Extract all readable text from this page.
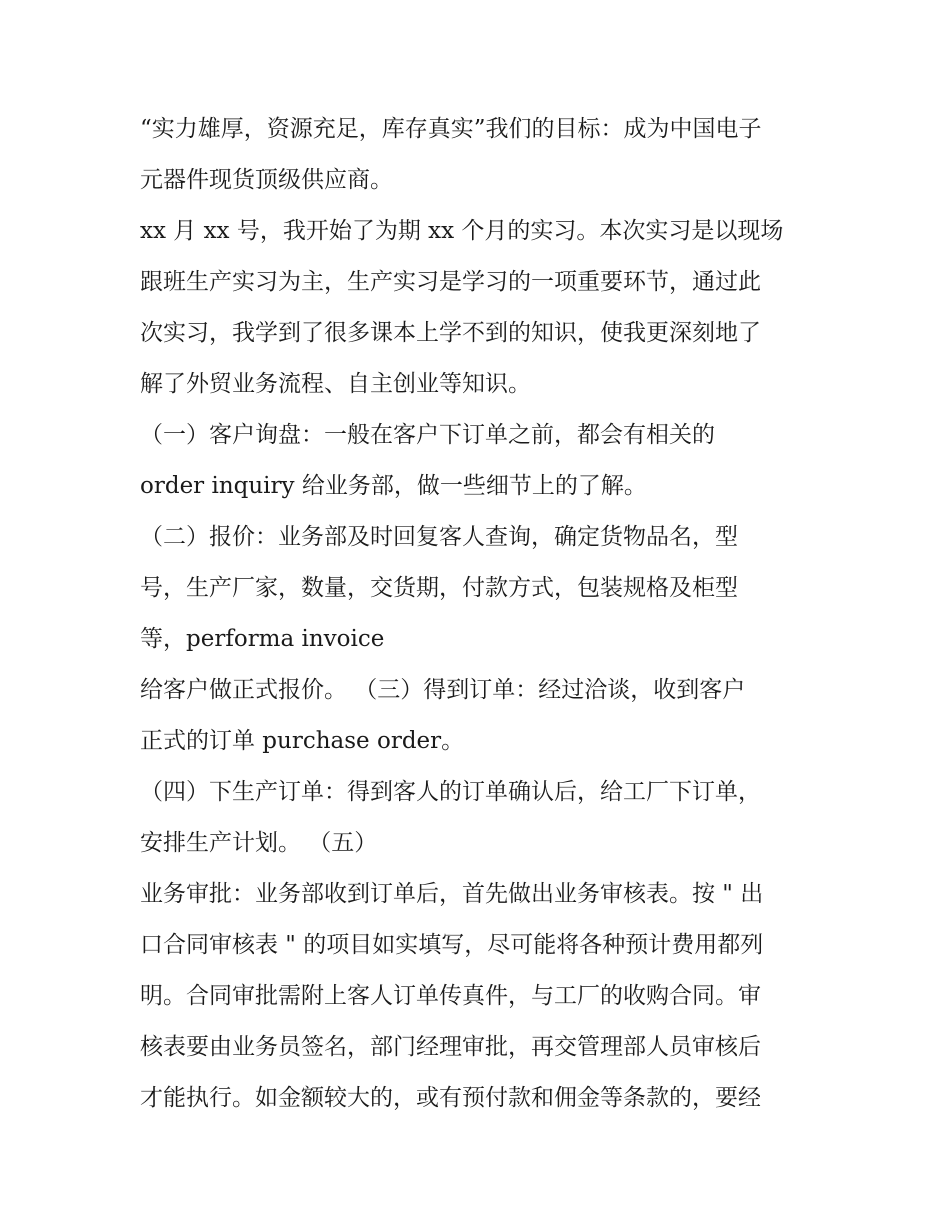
“实力雄厚，资源充足，库存真实”我们的目标：成为中国电子
元器件现货顶级供应商。
xx 月 xx 号，我开始了为期 xx 个月的实习。本次实习是以现场
跟班生产实习为主，生产实习是学习的一项重要环节，通过此
次实习，我学到了很多课本上学不到的知识，使我更深刻地了
解了外贸业务流程、自主创业等知识。
（一）客户询盘：一般在客户下订单之前，都会有相关的
order inquiry 给业务部，做一些细节上的了解。
（二）报价：业务部及时回复客人查询，确定货物品名，型
号，生产厂家，数量，交货期，付款方式，包装规格及柜型
等，performa invoice
给客户做正式报价。 （三）得到订单：经过洽谈，收到客户
正式的订单 purchase order。
（四）下生产订单：得到客人的订单确认后，给工厂下订单，
安排生产计划。 （五）
业务审批：业务部收到订单后，首先做出业务审核表。按 " 出
口合同审核表 " 的项目如实填写，尽可能将各种预计费用都列
明。合同审批需附上客人订单传真件，与工厂的收购合同。审
核表要由业务员签名，部门经理审批，再交管理部人员审核后
才能执行。如金额较大的，或有预付款和佣金等条款的，要经
